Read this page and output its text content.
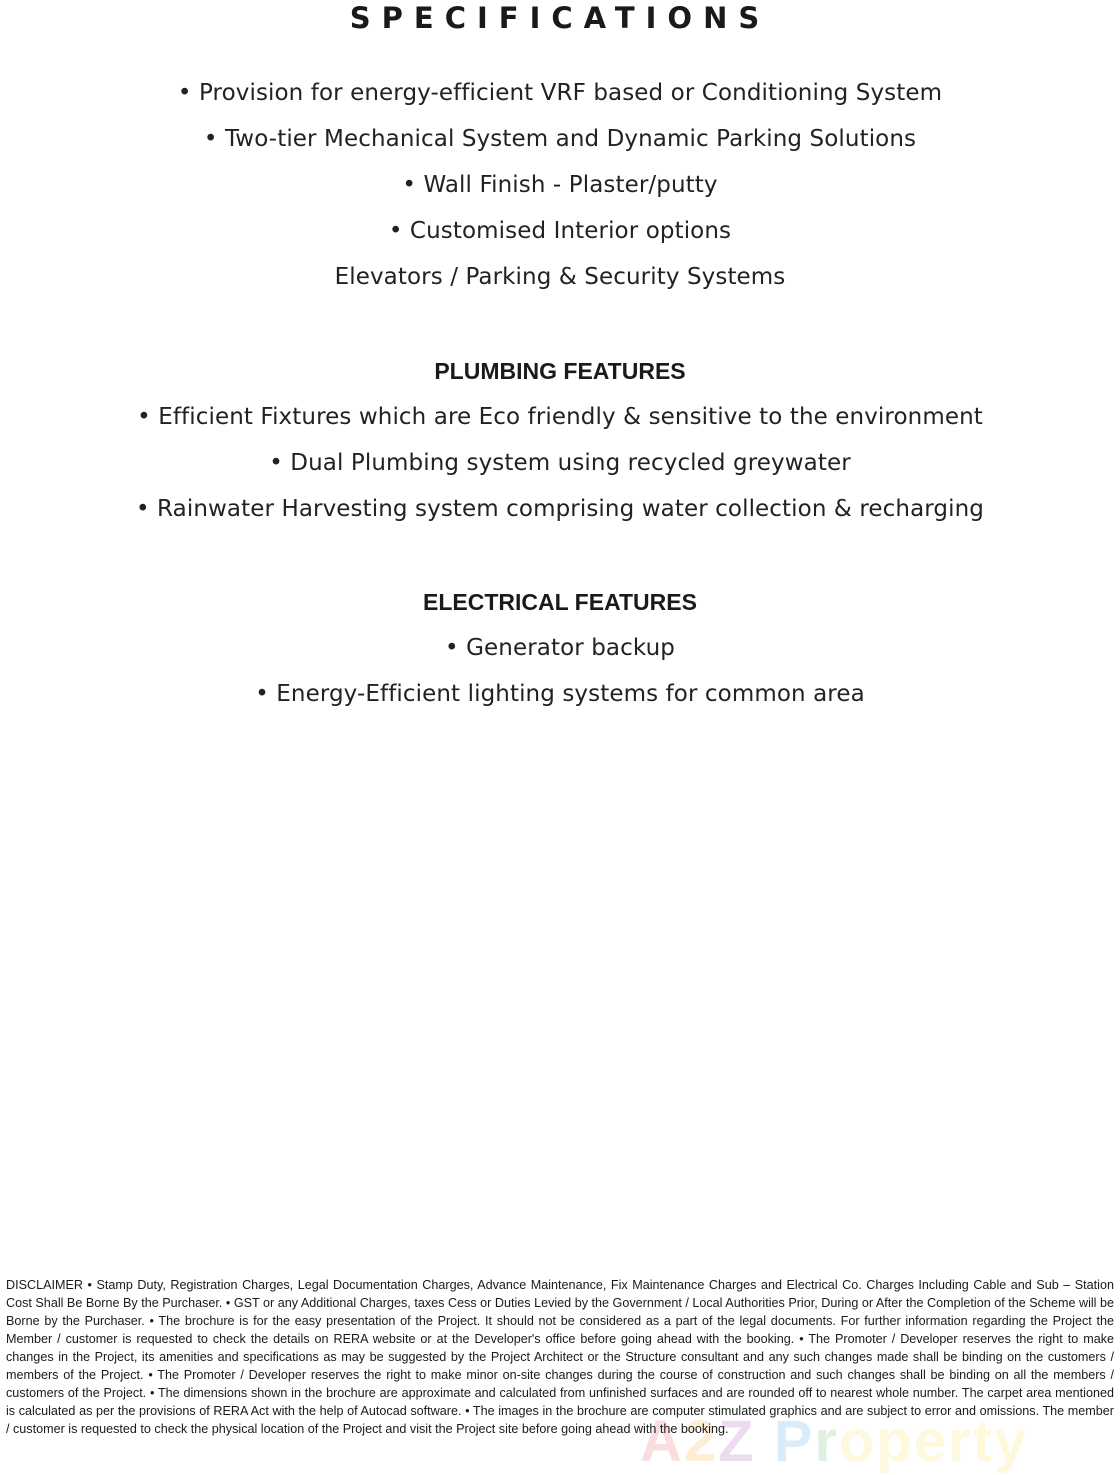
SPECIFICATIONS
• Provision for energy-efficient VRF based or Conditioning System
• Two-tier Mechanical System and Dynamic Parking Solutions
• Wall Finish - Plaster/putty
• Customised Interior options
Elevators / Parking & Security Systems
PLUMBING FEATURES
• Efficient Fixtures which are Eco friendly & sensitive to the environment
• Dual Plumbing system using recycled greywater
• Rainwater Harvesting system comprising water collection & recharging
ELECTRICAL FEATURES
• Generator backup
• Energy-Efficient lighting systems for common area
A2Z Property
DISCLAIMER • Stamp Duty, Registration Charges, Legal Documentation Charges, Advance Maintenance, Fix Maintenance Charges and Electrical Co. Charges Including Cable and Sub – Station Cost Shall Be Borne By the Purchaser. • GST or any Additional Charges, taxes Cess or Duties Levied by the Government / Local Authorities Prior, During or After the Completion of the Scheme will be Borne by the Purchaser. • The brochure is for the easy presentation of the Project. It should not be considered as a part of the legal documents. For further information regarding the Project the Member / customer is requested to check the details on RERA website or at the Developer's office before going ahead with the booking. • The Promoter / Developer reserves the right to make changes in the Project, its amenities and specifications as may be suggested by the Project Architect or the Structure consultant and any such changes made shall be binding on the customers / members of the Project. • The Promoter / Developer reserves the right to make minor on-site changes during the course of construction and such changes shall be binding on all the members / customers of the Project. • The dimensions shown in the brochure are approximate and calculated from unfinished surfaces and are rounded off to nearest whole number. The carpet area mentioned is calculated as per the provisions of RERA Act with the help of Autocad software. • The images in the brochure are computer stimulated graphics and are subject to error and omissions. The member / customer is requested to check the physical location of the Project and visit the Project site before going ahead with the booking.
